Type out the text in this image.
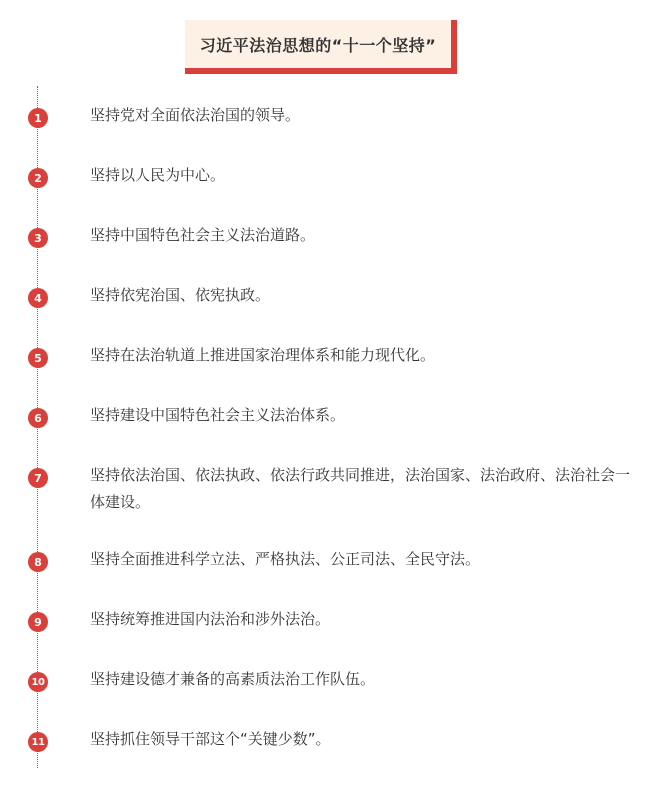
习近平法治思想的“十一个坚持”
1	坚持党对全面依法治国的领导。
2	坚持以人民为中心。
3	坚持中国特色社会主义法治道路。
4	坚持依宪治国、依宪执政。
5	坚持在法治轨道上推进国家治理体系和能力现代化。
6	坚持建设中国特色社会主义法治体系。
7	坚持依法治国、依法执政、依法行政共同推进，法治国家、法治政府、法治社会一体建设。
8	坚持全面推进科学立法、严格执法、公正司法、全民守法。
9	坚持统筹推进国内法治和涉外法治。
10	坚持建设德才兼备的高素质法治工作队伍。
11	坚持抓住领导干部这个“关键少数”。
